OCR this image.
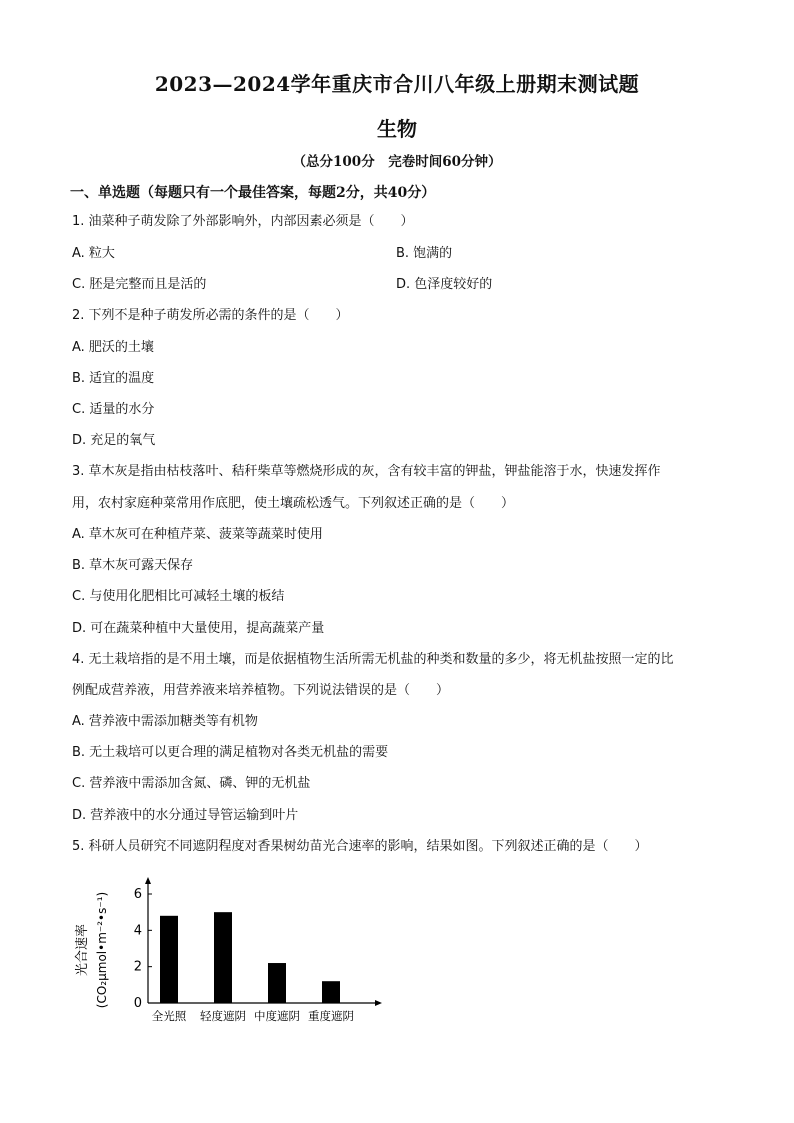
2023—2024学年重庆市合川八年级上册期末测试题
生物
（总分100分　完卷时间60分钟）
一、单选题（每题只有一个最佳答案，每题2分，共40分）
1. 油菜种子萌发除了外部影响外，内部因素必须是（　　）
A. 粒大	B. 饱满的
C. 胚是完整而且是活的	D. 色泽度较好的
2. 下列不是种子萌发所必需的条件的是（　　）
A. 肥沃的土壤
B. 适宜的温度
C. 适量的水分
D. 充足的氧气
3. 草木灰是指由枯枝落叶、秸秆柴草等燃烧形成的灰，含有较丰富的钾盐，钾盐能溶于水，快速发挥作
用，农村家庭种菜常用作底肥，使土壤疏松透气。下列叙述正确的是（　　）
A. 草木灰可在种植芹菜、菠菜等蔬菜时使用
B. 草木灰可露天保存
C. 与使用化肥相比可减轻土壤的板结
D. 可在蔬菜种植中大量使用，提高蔬菜产量
4. 无土栽培指的是不用土壤，而是依据植物生活所需无机盐的种类和数量的多少，将无机盐按照一定的比
例配成营养液，用营养液来培养植物。下列说法错误的是（　　）
A. 营养液中需添加糖类等有机物
B. 无土栽培可以更合理的满足植物对各类无机盐的需要
C. 营养液中需添加含氮、磷、钾的无机盐
D. 营养液中的水分通过导管运输到叶片
5. 科研人员研究不同遮阴程度对香果树幼苗光合速率的影响，结果如图。下列叙述正确的是（　　）
光合速率 (CO₂μmol•m⁻²•s⁻¹) 0
2
4
6
全光照 轻度遮阴 中度遮阴 重度遮阴
